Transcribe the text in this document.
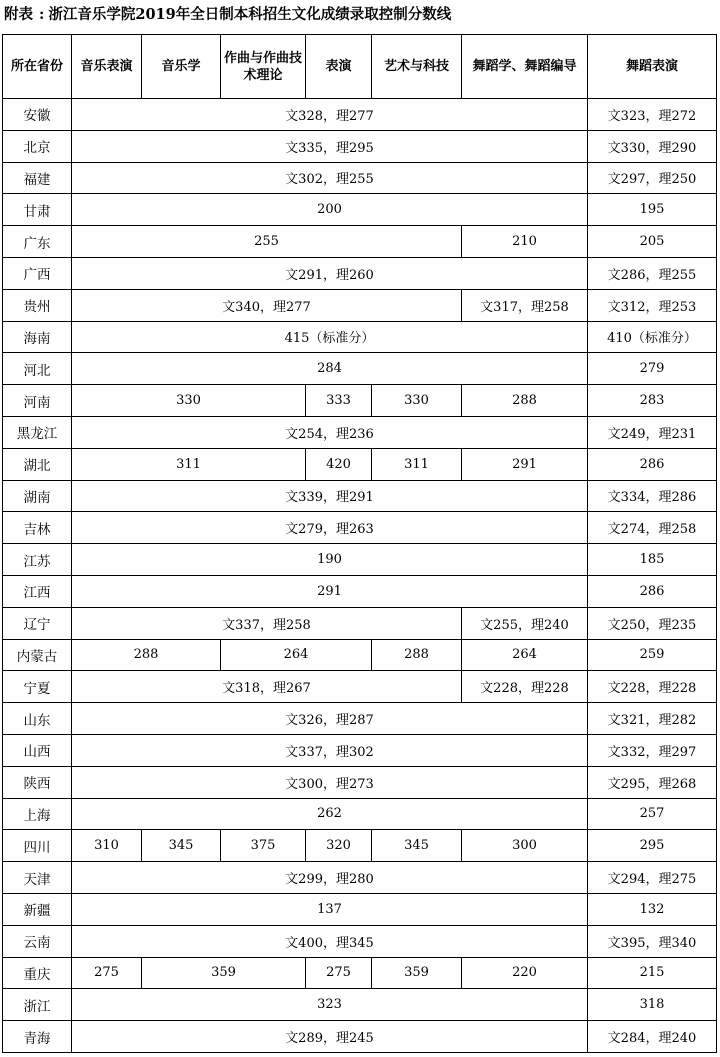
附表 : 浙江音乐学院2019年全日制本科招生文化成绩录取控制分数线
所在省份	音乐表演	音乐学	作曲与作曲技术理论	表演	艺术与科技	舞蹈学、舞蹈编导	舞蹈表演
安徽	文328，理277						文323，理272
北京	文335，理295						文330，理290
福建	文302，理255						文297，理250
甘肃	200						195
广东	255					210	205
广西	文291，理260						文286，理255
贵州	文340，理277					文317，理258	文312，理253
海南	415（标准分）						410（标准分）
河北	284						279
河南	330			333	330	288	283
黑龙江	文254，理236						文249，理231
湖北	311			420	311	291	286
湖南	文339，理291						文334，理286
吉林	文279，理263						文274，理258
江苏	190						185
江西	291						286
辽宁	文337，理258					文255，理240	文250，理235
内蒙古	288		264		288	264	259
宁夏	文318，理267					文228，理228	文228，理228
山东	文326，理287						文321，理282
山西	文337，理302						文332，理297
陕西	文300，理273						文295，理268
上海	262						257
四川	310	345	375	320	345	300	295
天津	文299，理280						文294，理275
新疆	137						132
云南	文400，理345						文395，理340
重庆	275	359		275	359	220	215
浙江	323						318
青海	文289，理245						文284，理240
